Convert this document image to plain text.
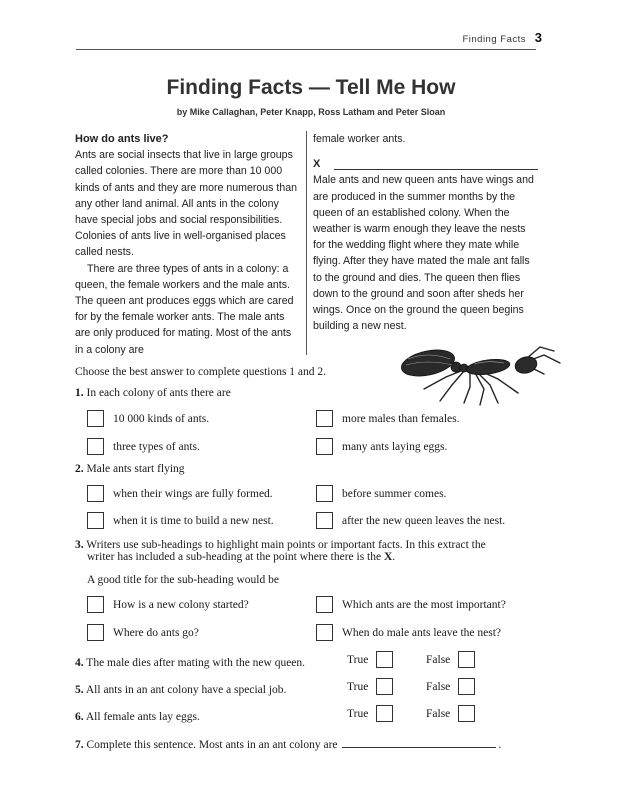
Finding Facts 3
Finding Facts — Tell Me How
by Mike Callaghan, Peter Knapp, Ross Latham and Peter Sloan
How do ants live?
Ants are social insects that live in large groups called colonies. There are more than 10 000 kinds of ants and they are more numerous than any other land animal. All ants in the colony have special jobs and social responsibilities. Colonies of ants live in well-organised places called nests.
There are three types of ants in a colony: a queen, the female workers and the male ants. The queen ant produces eggs which are cared for by the female worker ants. The male ants are only produced for mating. Most of the ants in a colony are
female worker ants.
X
Male ants and new queen ants have wings and are produced in the summer months by the queen of an established colony. When the weather is warm enough they leave the nests for the wedding flight where they mate while flying. After they have mated the male ant falls to the ground and dies. The queen then flies down to the ground and soon after sheds her wings. Once on the ground the queen begins building a new nest.
Choose the best answer to complete questions 1 and 2.
1. In each colony of ants there are
10 000 kinds of ants.	more males than females.
three types of ants.	many ants laying eggs.
2. Male ants start flying
when their wings are fully formed.	before summer comes.
when it is time to build a new nest.	after the new queen leaves the nest.
3. Writers use sub-headings to highlight main points or important facts. In this extract the
writer has included a sub-heading at the point where there is the X.
A good title for the sub-heading would be
How is a new colony started?	Which ants are the most important?
Where do ants go?	When do male ants leave the nest?
4. The male dies after mating with the new queen.	True	False
5. All ants in an ant colony have a special job.	True	False
6. All female ants lay eggs.	True	False
7. Complete this sentence. Most ants in an ant colony are	.
